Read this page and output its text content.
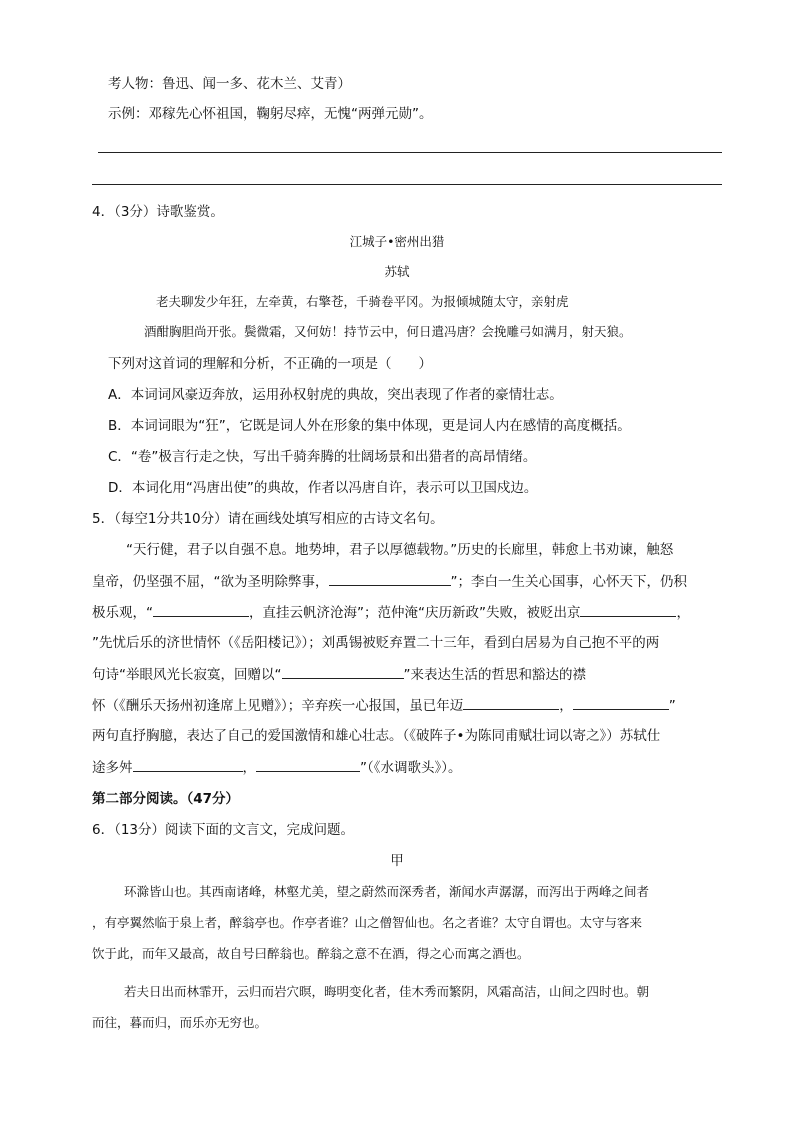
考人物：鲁迅、闻一多、花木兰、艾青）
示例：邓稼先心怀祖国，鞠躬尽瘁，无愧“两弹元勋”。
4．（3分）诗歌鉴赏。
江城子•密州出猎
苏轼
老夫聊发少年狂，左牵黄，右擎苍，千骑卷平冈。为报倾城随太守，亲射虎
酒酣胸胆尚开张。鬓微霜，又何妨！持节云中，何日遣冯唐？会挽雕弓如满月，射天狼。
下列对这首词的理解和分析，不正确的一项是（　　）
A．本词词风豪迈奔放，运用孙权射虎的典故，突出表现了作者的豪情壮志。
B．本词词眼为“狂”，它既是词人外在形象的集中体现，更是词人内在感情的高度概括。
C．“卷”极言行走之快，写出千骑奔腾的壮阔场景和出猎者的高昂情绪。
D．本词化用“冯唐出使”的典故，作者以冯唐自许，表示可以卫国戍边。
5．（每空1分共10分）请在画线处填写相应的古诗文名句。
“天行健，君子以自强不息。地势坤，君子以厚德载物。”历史的长廊里，韩愈上书劝谏，触怒
皇帝，仍坚强不屈，“欲为圣明除弊事，	”；李白一生关心国事，心怀天下，仍积
极乐观，“	，直挂云帆济沧海”；范仲淹“庆历新政”失败，被贬出京	，
”先忧后乐的济世情怀（《岳阳楼记》）；刘禹锡被贬弃置二十三年，看到白居易为自己抱不平的两
句诗“举眼风光长寂寞，回赠以“	”来表达生活的哲思和豁达的襟
怀（《酬乐天扬州初逢席上见赠》）；辛弃疾一心报国，虽已年迈	，	”
两句直抒胸臆，表达了自己的爱国激情和雄心壮志。（《破阵子•为陈同甫赋壮词以寄之》）苏轼仕
途多舛	，	”（《水调歌头》）。
第二部分阅读。（47分）
6．（13分）阅读下面的文言文，完成问题。
甲
环滁皆山也。其西南诸峰，林壑尤美，望之蔚然而深秀者，渐闻水声潺潺，而泻出于两峰之间者
，有亭翼然临于泉上者，醉翁亭也。作亭者谁？山之僧智仙也。名之者谁？太守自谓也。太守与客来
饮于此，而年又最高，故自号曰醉翁也。醉翁之意不在酒，得之心而寓之酒也。
若夫日出而林霏开，云归而岩穴暝，晦明变化者，佳木秀而繁阴，风霜高洁，山间之四时也。朝
而往，暮而归，而乐亦无穷也。
